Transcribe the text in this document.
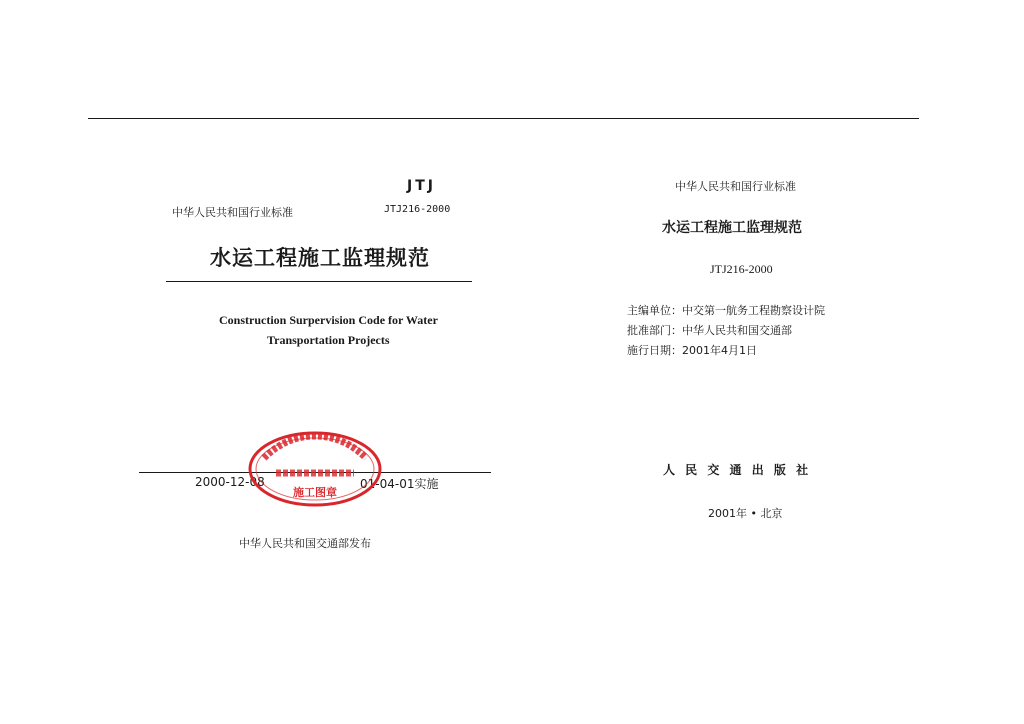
JTJ
中华人民共和国行业标准	JTJ216-2000
水运工程施工监理规范
Construction Surpervision Code for Water
Transportation Projects
2000-12-08	01-04-01实施
施工图章
中华人民共和国交通部发布
中华人民共和国行业标准
水运工程施工监理规范
JTJ216-2000
主编单位：中交第一航务工程勘察设计院
批准部门：中华人民共和国交通部
施行日期：2001年4月1日
人 民 交 通 出 版 社
2001年 • 北京
